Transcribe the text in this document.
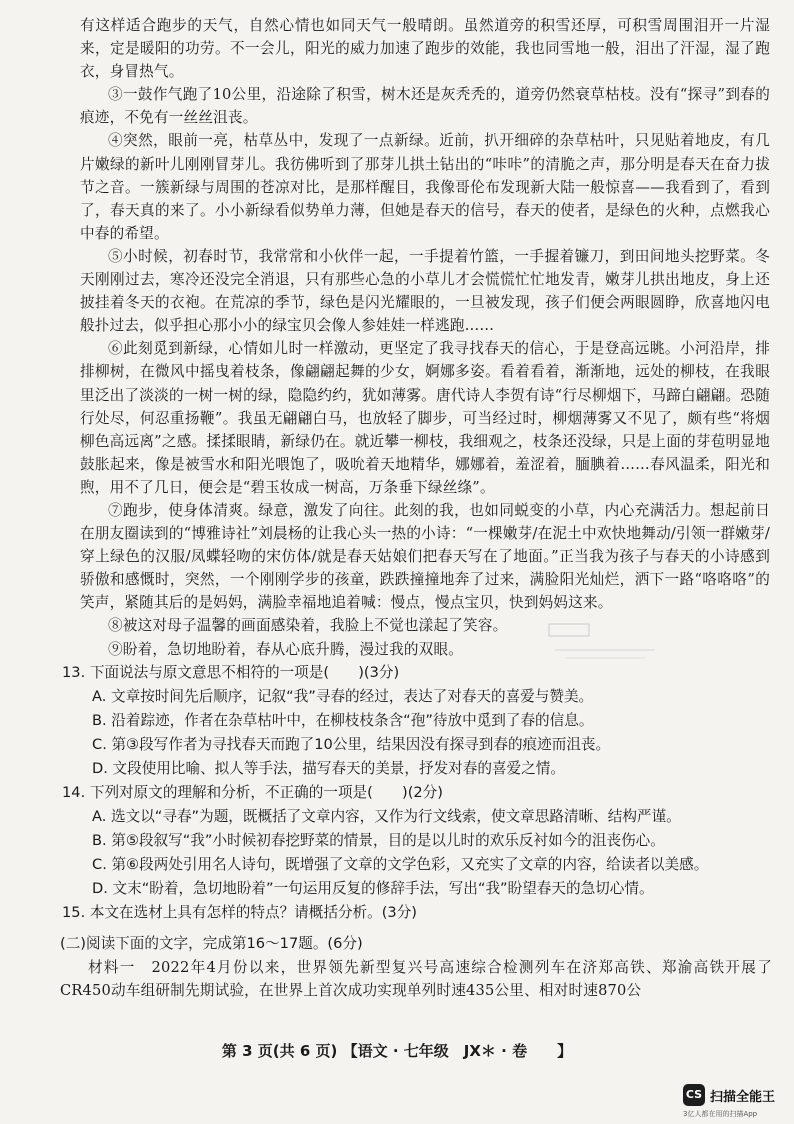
有这样适合跑步的天气，自然心情也如同天气一般晴朗。虽然道旁的积雪还厚，可积雪周围泪开一片湿来，定是暖阳的功劳。不一会儿，阳光的威力加速了跑步的效能，我也同雪地一般，泪出了汗湿，湿了跑衣，身冒热气。

③一鼓作气跑了10公里，沿途除了积雪，树木还是灰秃秃的，道旁仍然衰草枯枝。没有“探寻”到春的痕迹，不免有一丝丝沮丧。

④突然，眼前一亮，枯草丛中，发现了一点新绿。近前，扒开细碎的杂草枯叶，只见贴着地皮，有几片嫩绿的新叶儿刚刚冒芽儿。我彷佛听到了那芽儿拱土钻出的“咔咔”的清脆之声，那分明是春天在奋力拔节之音。一簇新绿与周围的苍凉对比，是那样醒目，我像哥伦布发现新大陆一般惊喜——我看到了，看到了，春天真的来了。小小新绿看似势单力薄，但她是春天的信号，春天的使者，是绿色的火种，点燃我心中春的希望。

⑤小时候，初春时节，我常常和小伙伴一起，一手提着竹篮，一手握着镰刀，到田间地头挖野菜。冬天刚刚过去，寒冷还没完全消退，只有那些心急的小草儿才会慌慌忙忙地发青，嫩芽儿拱出地皮，身上还披挂着冬天的衣袍。在荒凉的季节，绿色是闪光耀眼的，一旦被发现，孩子们便会两眼圆睁，欣喜地闪电般扑过去，似乎担心那小小的绿宝贝会像人参娃娃一样逃跑……

⑥此刻觅到新绿，心情如儿时一样激动，更坚定了我寻找春天的信心，于是登高远眺。小河沿岸，排排柳树，在微风中摇曳着枝条，像翩翩起舞的少女，婀娜多姿。看着看着，渐渐地，远处的柳枝，在我眼里泛出了淡淡的一树一树的绿，隐隐约约，犹如薄雾。唐代诗人李贺有诗“行尽柳烟下，马蹄白翩翩。恐随行处尽，何忍重扬鞭”。我虽无翩翩白马，也放轻了脚步，可当经过时，柳烟薄雾又不见了，颇有些“将烟柳色高远离”之感。揉揉眼睛，新绿仍在。就近攀一柳枝，我细观之，枝条还没绿，只是上面的芽苞明显地鼓胀起来，像是被雪水和阳光喂饱了，吸吮着天地精华，娜娜着，羞涩着，腼腆着……春风温柔，阳光和煦，用不了几日，便会是“碧玉妆成一树高，万条垂下绿丝绦”。

⑦跑步，使身体清爽。绿意，激发了向往。此刻的我，也如同蜕变的小草，内心充满活力。想起前日在朋友圈读到的“博雅诗社”刘晨杨的让我心头一热的小诗：“一棵嫩芽/在泥土中欢快地舞动/引领一群嫩芽/穿上绿色的汉服/凤蝶轻吻的宋仿体/就是春天姑娘们把春天写在了地面。”正当我为孩子与春天的小诗感到骄傲和感慨时，突然，一个刚刚学步的孩童，跌跌撞撞地奔了过来，满脸阳光灿烂，洒下一路“咯咯咯”的笑声，紧随其后的是妈妈，满脸幸福地追着喊：慢点，慢点宝贝，快到妈妈这来。

⑧被这对母子温馨的画面感染着，我脸上不觉也漾起了笑容。

⑨盼着，急切地盼着，春从心底升腾，漫过我的双眼。

13. 下面说法与原文意思不相符的一项是(　　)(3分)

A. 文章按时间先后顺序，记叙“我”寻春的经过，表达了对春天的喜爱与赞美。

B. 沿着踪迹，作者在杂草枯叶中，在柳枝枝条含“孢”待放中觅到了春的信息。

C. 第③段写作者为寻找春天而跑了10公里，结果因没有探寻到春的痕迹而沮丧。

D. 文段使用比喻、拟人等手法，描写春天的美景，抒发对春的喜爱之情。

14. 下列对原文的理解和分析，不正确的一项是(　　)(2分)

A. 选文以“寻春”为题，既概括了文章内容，又作为行文线索，使文章思路清晰、结构严谨。

B. 第⑤段叙写“我”小时候初春挖野菜的情景，目的是以儿时的欢乐反衬如今的沮丧伤心。

C. 第⑥段两处引用名人诗句，既增强了文章的文学色彩，又充实了文章的内容，给读者以美感。

D. 文末“盼着，急切地盼着”一句运用反复的修辞手法，写出“我”盼望春天的急切心情。

15. 本文在选材上具有怎样的特点？请概括分析。(3分)

(二)阅读下面的文字，完成第16～17题。(6分)

材料一　2022年4月份以来，世界领先新型复兴号高速综合检测列车在济郑高铁、郑渝高铁开展了CR450动车组研制先期试验，在世界上首次成功实现单列时速435公里、相对时速870公

第 3 页(共 6 页) 【语文 · 七年级　JX＊ · 卷　　】
CS 扫描全能王
3亿人都在用的扫描App
